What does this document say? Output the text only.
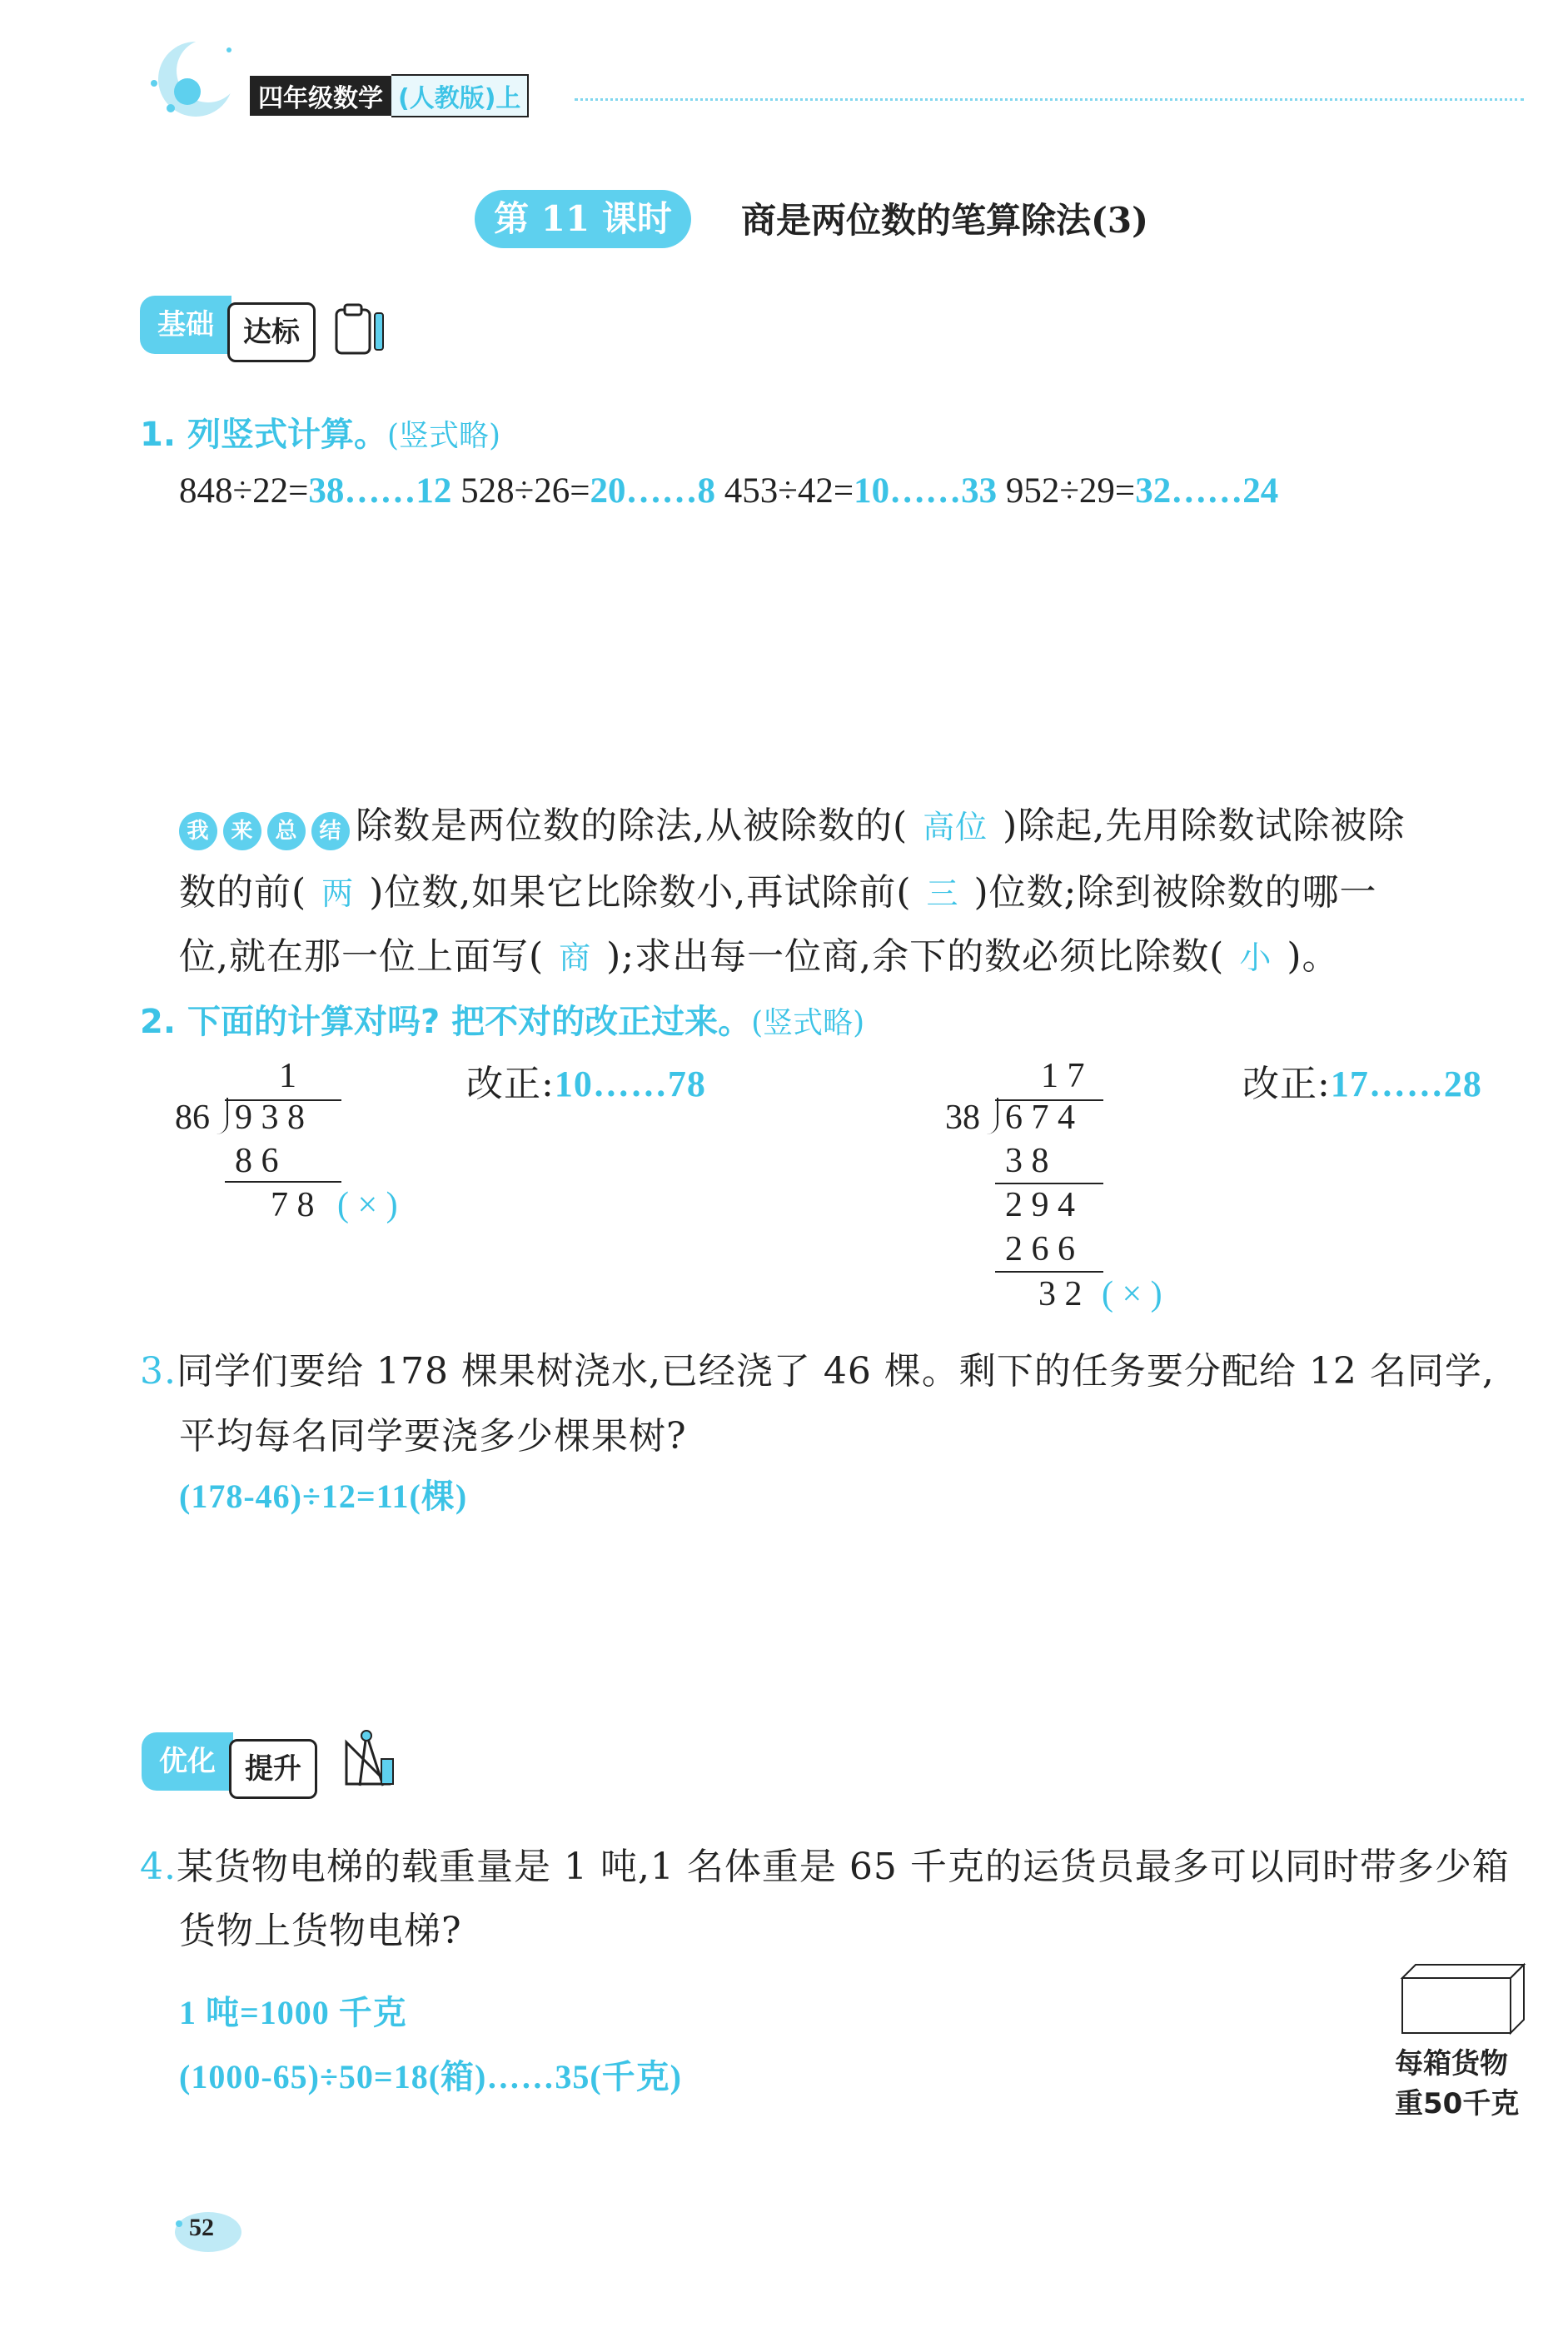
四年级数学 (人教版)上
第 11 课时	商是两位数的笔算除法(3)
基础	达标
1. 列竖式计算。(竖式略)
848÷22=38……12 528÷26=20……8 453÷42=10……33 952÷29=32……24
我 来 总 结 除数是两位数的除法,从被除数的( 高位 )除起,先用除数试除被除
数的前( 两 )位数,如果它比除数小,再试除前( 三 )位数;除到被除数的哪一
位,就在那一位上面写( 商 );求出每一位商,余下的数必须比除数( 小 )。
2. 下面的计算对吗? 把不对的改正过来。(竖式略)
1
86 9 3 8
8 6
7 8 ( × )
改正:10……78	1 7
38 6 7 4
3 8
2 9 4
2 6 6
3 2 ( × )
改正:17……28
3.同学们要给 178 棵果树浇水,已经浇了 46 棵。剩下的任务要分配给 12 名同学,
平均每名同学要浇多少棵果树?
(178-46)÷12=11(棵)
优化	提升
4.某货物电梯的载重量是 1 吨,1 名体重是 65 千克的运货员最多可以同时带多少箱
货物上货物电梯?
1 吨=1000 千克
(1000-65)÷50=18(箱)……35(千克)	每箱货物
重50千克
52
